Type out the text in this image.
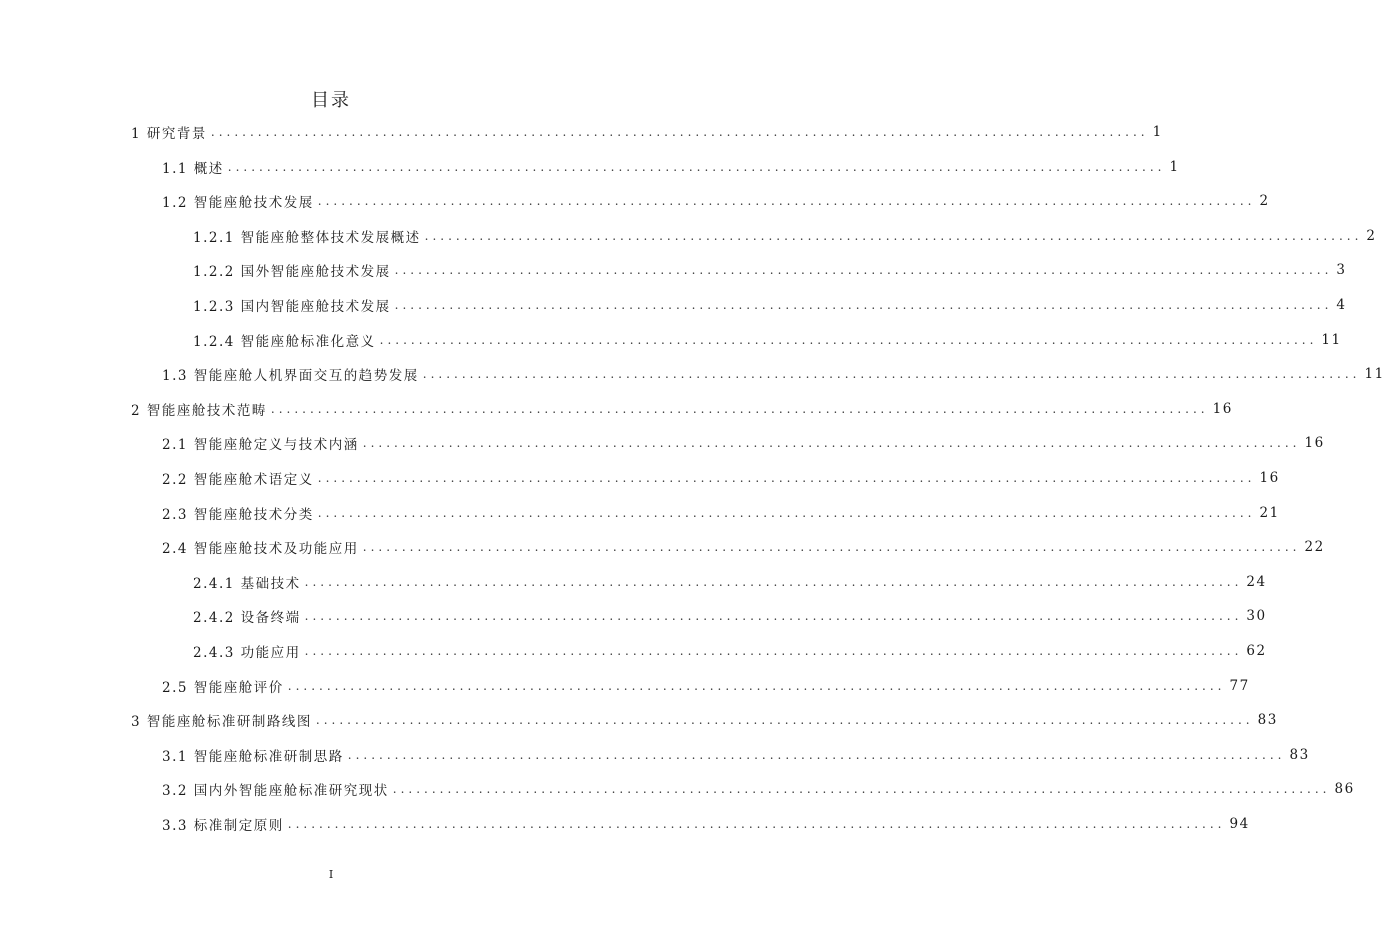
目录
1 研究背景 ........................................................................................................................ 1
1.1 概述 ........................................................................................................................ 1
1.2 智能座舱技术发展 ........................................................................................................................ 2
1.2.1 智能座舱整体技术发展概述 ........................................................................................................................ 2
1.2.2 国外智能座舱技术发展 ........................................................................................................................ 3
1.2.3 国内智能座舱技术发展 ........................................................................................................................ 4
1.2.4 智能座舱标准化意义 ........................................................................................................................ 11
1.3 智能座舱人机界面交互的趋势发展 ........................................................................................................................ 11
2 智能座舱技术范畴 ........................................................................................................................ 16
2.1 智能座舱定义与技术内涵 ........................................................................................................................ 16
2.2 智能座舱术语定义 ........................................................................................................................ 16
2.3 智能座舱技术分类 ........................................................................................................................ 21
2.4 智能座舱技术及功能应用 ........................................................................................................................ 22
2.4.1 基础技术 ........................................................................................................................ 24
2.4.2 设备终端 ........................................................................................................................ 30
2.4.3 功能应用 ........................................................................................................................ 62
2.5 智能座舱评价 ........................................................................................................................ 77
3 智能座舱标准研制路线图 ........................................................................................................................ 83
3.1 智能座舱标准研制思路 ........................................................................................................................ 83
3.2 国内外智能座舱标准研究现状 ........................................................................................................................ 86
3.3 标准制定原则 ........................................................................................................................ 94
I
